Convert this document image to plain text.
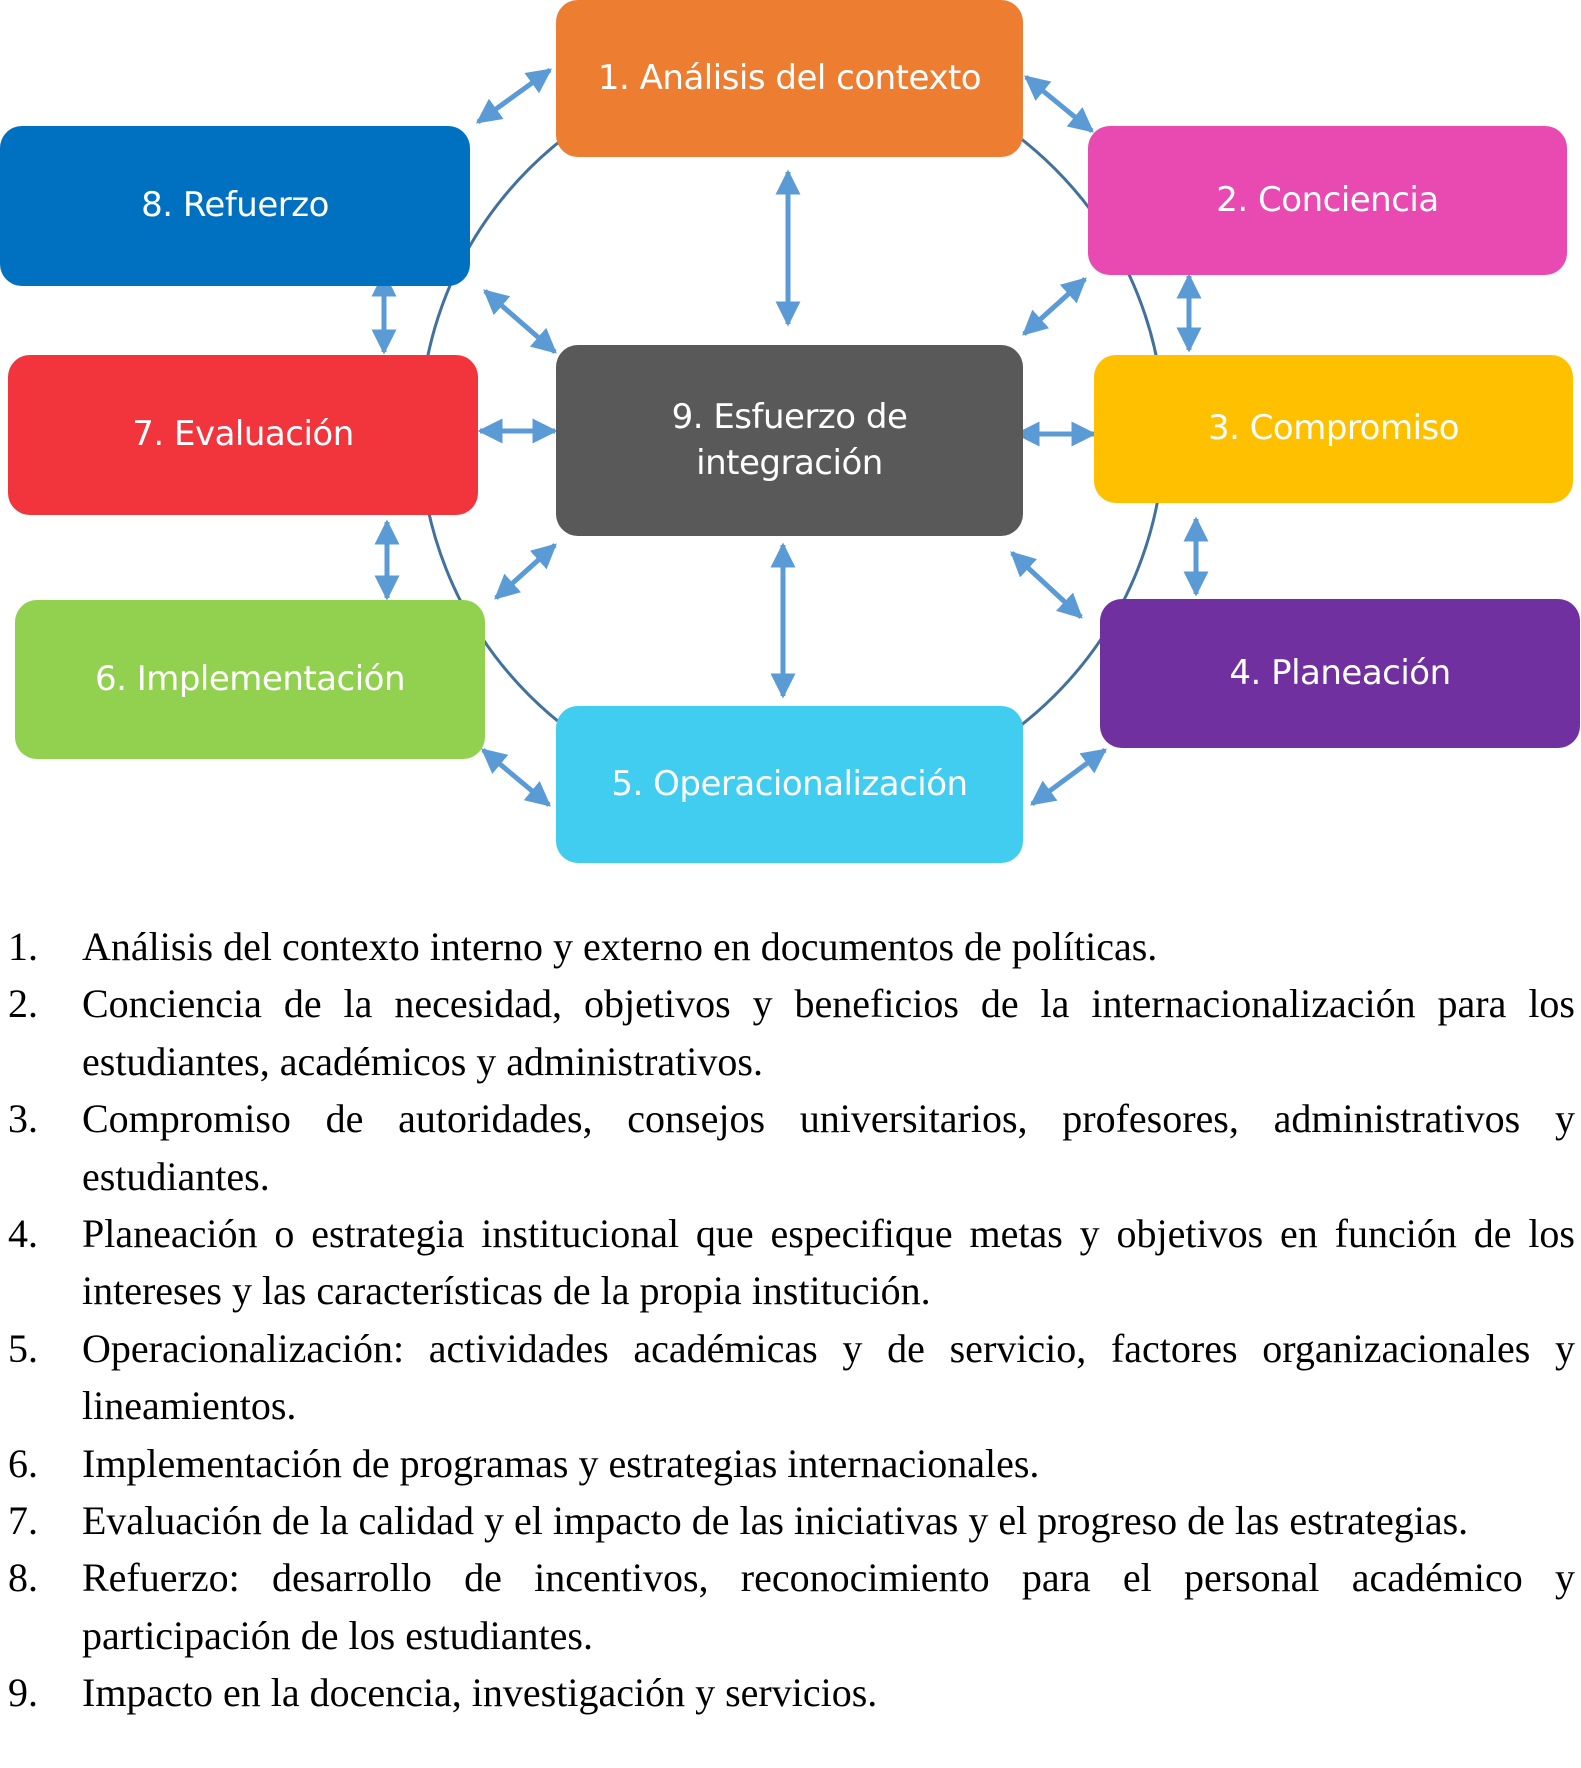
1. Análisis del contexto
2. Conciencia
3. Compromiso
4. Planeación
5. Operacionalización
6. Implementación
7. Evaluación
8. Refuerzo
9. Esfuerzo de integración
1. Análisis del contexto interno y externo en documentos de políticas.
2. Conciencia de la necesidad, objetivos y beneficios de la internacionalización para los estudiantes, académicos y administrativos.
3. Compromiso de autoridades, consejos universitarios, profesores, administrativos y estudiantes.
4. Planeación o estrategia institucional que especifique metas y objetivos en función de los intereses y las características de la propia institución.
5. Operacionalización: actividades académicas y de servicio, factores organizacionales y lineamientos.
6. Implementación de programas y estrategias internacionales.
7. Evaluación de la calidad y el impacto de las iniciativas y el progreso de las estrategias.
8. Refuerzo: desarrollo de incentivos, reconocimiento para el personal académico y participación de los estudiantes.
9. Impacto en la docencia, investigación y servicios.
